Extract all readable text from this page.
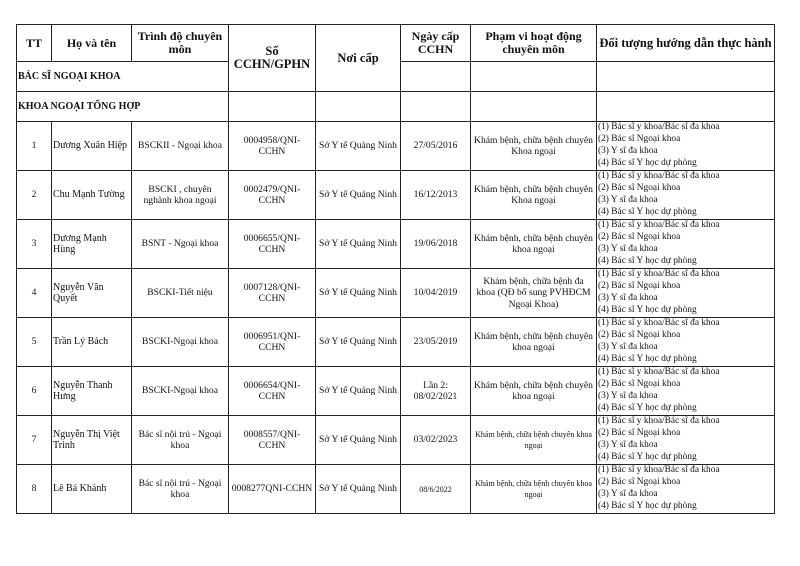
TT	Họ và tên	Trình độ chuyên môn	Số CCHN/GPHN	Nơi cấp	Ngày cấp CCHN	Phạm vi hoạt động chuyên môn	Đối tượng hướng dẫn thực hành
BÁC SĨ NGOẠI KHOA							
KHOA NGOẠI TỔNG HỢP							
1	Dương Xuân Hiệp	BSCKII - Ngoại khoa	0004958/QNI-CCHN	Sở Y tế Quảng Ninh	27/05/2016	Khám bệnh, chữa bệnh chuyên Khoa ngoại	(1) Bác sĩ y khoa/Bác sĩ đa khoa
(2) Bác sĩ Ngoại khoa
(3) Y sĩ đa khoa
(4) Bác sĩ Y học dự phòng

2	Chu Mạnh Tường	BSCKI , chuyên nghành khoa ngoại	0002479/QNI-CCHN	Sở Y tế Quảng Ninh	16/12/2013	Khám bệnh, chữa bệnh chuyên Khoa ngoại	(1) Bác sĩ y khoa/Bác sĩ đa khoa
(2) Bác sĩ Ngoại khoa
(3) Y sĩ đa khoa
(4) Bác sĩ Y học dự phòng

3	Dương Mạnh Hùng	BSNT - Ngoại khoa	0006655/QNI-CCHN	Sở Y tế Quảng Ninh	19/06/2018	Khám bệnh, chữa bệnh chuyên khoa ngoại	(1) Bác sĩ y khoa/Bác sĩ đa khoa
(2) Bác sĩ Ngoại khoa
(3) Y sĩ đa khoa
(4) Bác sĩ Y học dự phòng

4	Nguyễn Văn Quyết	BSCKI-Tiết niệu	0007128/QNI-CCHN	Sở Y tế Quảng Ninh	10/04/2019	Khám bệnh, chữa bệnh đa khoa (QĐ bổ sung PVHĐCM Ngoại Khoa)	(1) Bác sĩ y khoa/Bác sĩ đa khoa
(2) Bác sĩ Ngoại khoa
(3) Y sĩ đa khoa
(4) Bác sĩ Y học dự phòng

5	Trần Lý Bách	BSCKI-Ngoại khoa	0006951/QNI-CCHN	Sở Y tế Quảng Ninh	23/05/2019	Khám bệnh, chữa bệnh chuyên khoa ngoại	(1) Bác sĩ y khoa/Bác sĩ đa khoa
(2) Bác sĩ Ngoại khoa
(3) Y sĩ đa khoa
(4) Bác sĩ Y học dự phòng

6	Nguyễn Thanh Hưng	BSCKI-Ngoại khoa	0006654/QNI-CCHN	Sở Y tế Quảng Ninh	Lần 2: 08/02/2021	Khám bệnh, chữa bệnh chuyên khoa ngoại	(1) Bác sĩ y khoa/Bác sĩ đa khoa
(2) Bác sĩ Ngoại khoa
(3) Y sĩ đa khoa
(4) Bác sĩ Y học dự phòng

7	Nguyễn Thị Việt Trinh	Bác sĩ nội trú - Ngoại khoa	0008557/QNI-CCHN	Sở Y tế Quảng Ninh	03/02/2023	Khám bệnh, chữa bệnh chuyên khoa ngoại	(1) Bác sĩ y khoa/Bác sĩ đa khoa
(2) Bác sĩ Ngoại khoa
(3) Y sĩ đa khoa
(4) Bác sĩ Y học dự phòng

8	Lê Bá Khánh	Bác sĩ nội trú - Ngoại khoa	0008277QNI-CCHN	Sở Y tế Quảng Ninh	08/6/2022	Khám bệnh, chữa bệnh chuyên khoa ngoại	(1) Bác sĩ y khoa/Bác sĩ đa khoa
(2) Bác sĩ Ngoại khoa
(3) Y sĩ đa khoa
(4) Bác sĩ Y học dự phòng
